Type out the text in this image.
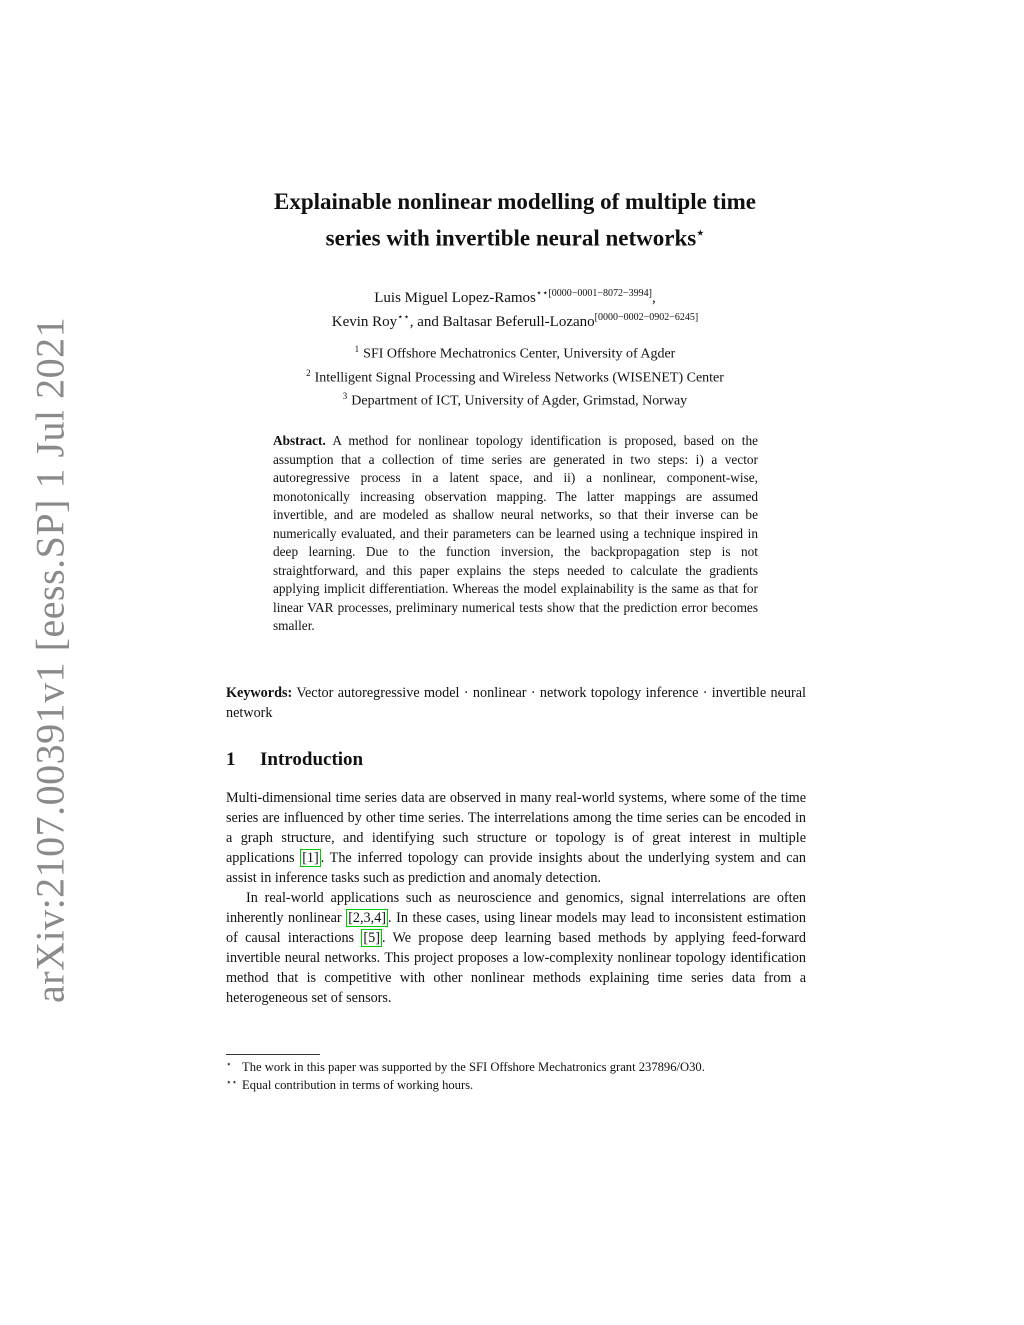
arXiv:2107.00391v1 [eess.SP] 1 Jul 2021
Explainable nonlinear modelling of multiple time
series with invertible neural networks⋆
Luis Miguel Lopez-Ramos$^{⋆⋆[0000-0001-8072-3994]}$,
Kevin Roy⋆⋆, and Baltasar Beferull-Lozano[0000−0002−0902−6245]
$^1$ SFI Offshore Mechatronics Center, University of Agder
$^2$ Intelligent Signal Processing and Wireless Networks (WISENET) Center
$^3$ Department of ICT, University of Agder, Grimstad, Norway
Abstract. A method for nonlinear topology identification is proposed, based on the assumption that a collection of time series are generated in two steps: i) a vector autoregressive process in a latent space, and ii) a nonlinear, component-wise, monotonically increasing observation mapping. The latter mappings are assumed invertible, and are modeled as shallow neural networks, so that their inverse can be numerically evaluated, and their parameters can be learned using a technique inspired in deep learning. Due to the function inversion, the backpropagation step is not straightforward, and this paper explains the steps needed to calculate the gradients applying implicit differentiation. Whereas the model explainability is the same as that for linear VAR processes, preliminary numerical tests show that the prediction error becomes smaller.
Keywords: Vector autoregressive model · nonlinear · network topology inference · invertible neural network
1 Introduction

Multi-dimensional time series data are observed in many real-world systems, where some of the time series are influenced by other time series. The interrelations among the time series can be encoded in a graph structure, and identifying such structure or topology is of great interest in multiple applications [1] . The inferred topology can provide insights about the underlying system and can assist in inference tasks such as prediction and anomaly detection.

In real-world applications such as neuroscience and genomics, signal interrelations are often inherently nonlinear [2,3,4] . In these cases, using linear models may lead to inconsistent estimation of causal interactions [5] . We propose deep learning based methods by applying feed-forward invertible neural networks. This project proposes a low-complexity nonlinear topology identification method that is competitive with other nonlinear methods explaining time series data from a heterogeneous set of sensors.

⋆ The work in this paper was supported by the SFI Offshore Mechatronics grant 237896/O30.
⋆⋆ Equal contribution in terms of working hours.
